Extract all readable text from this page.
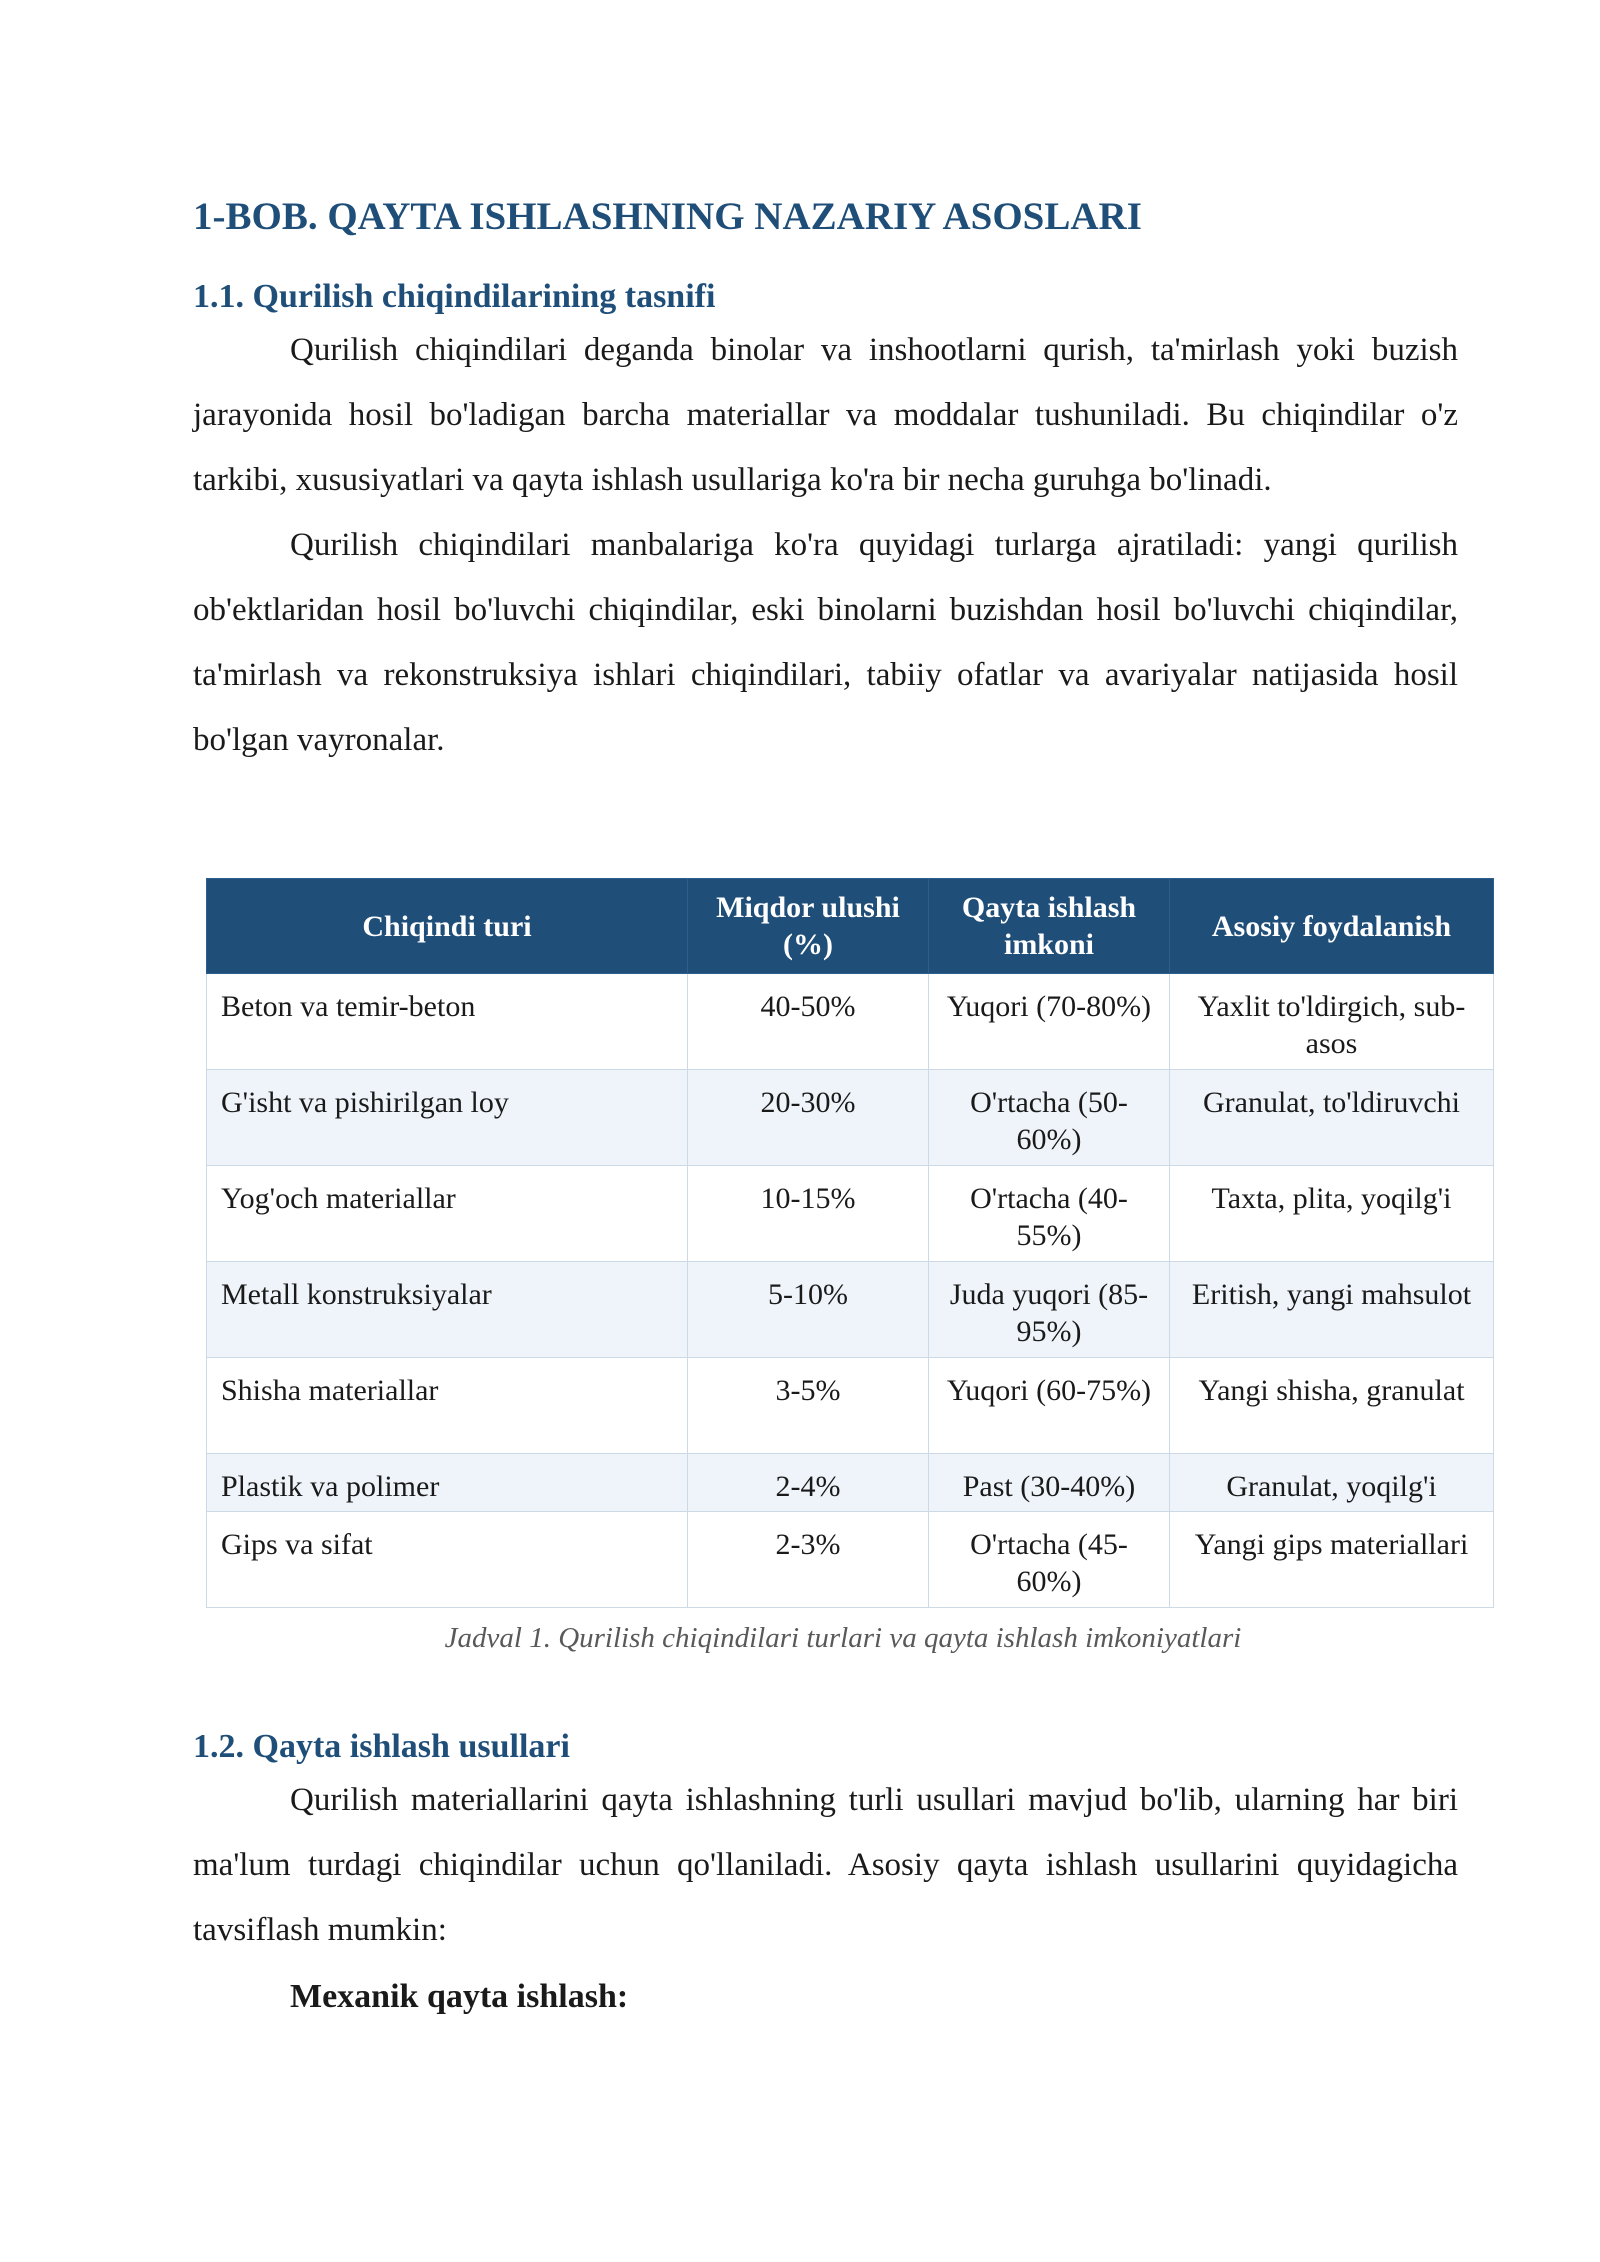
1-BOB. QAYTA ISHLASHNING NAZARIY ASOSLARI
1.1. Qurilish chiqindilarining tasnifi

Qurilish chiqindilari deganda binolar va inshootlarni qurish, ta'mirlash yoki buzish jarayonida hosil bo'ladigan barcha materiallar va moddalar tushuniladi. Bu chiqindilar o'z tarkibi, xususiyatlari va qayta ishlash usullariga ko'ra bir necha guruhga bo'linadi.

Qurilish chiqindilari manbalariga ko'ra quyidagi turlarga ajratiladi: yangi qurilish ob'ektlaridan hosil bo'luvchi chiqindilar, eski binolarni buzishdan hosil bo'luvchi chiqindilar, ta'mirlash va rekonstruksiya ishlari chiqindilari, tabiiy ofatlar va avariyalar natijasida hosil bo'lgan vayronalar.

Chiqindi turi	Miqdor ulushi (%)	Qayta ishlash imkoni	Asosiy foydalanish
Beton va temir-beton	40-50%	Yuqori (70-80%)	Yaxlit to'ldirgich, sub-asos
G'isht va pishirilgan loy	20-30%	O'rtacha (50-60%)	Granulat, to'ldiruvchi
Yog'och materiallar	10-15%	O'rtacha (40-55%)	Taxta, plita, yoqilg'i
Metall konstruksiyalar	5-10%	Juda yuqori (85-95%)	Eritish, yangi mahsulot
Shisha materiallar	3-5%	Yuqori (60-75%)	Yangi shisha, granulat
Plastik va polimer	2-4%	Past (30-40%)	Granulat, yoqilg'i
Gips va sifat	2-3%	O'rtacha (45-60%)	Yangi gips materiallari
Jadval 1. Qurilish chiqindilari turlari va qayta ishlash imkoniyatlari
1.2. Qayta ishlash usullari

Qurilish materiallarini qayta ishlashning turli usullari mavjud bo'lib, ularning har biri ma'lum turdagi chiqindilar uchun qo'llaniladi. Asosiy qayta ishlash usullarini quyidagicha tavsiflash mumkin:

Mexanik qayta ishlash:
